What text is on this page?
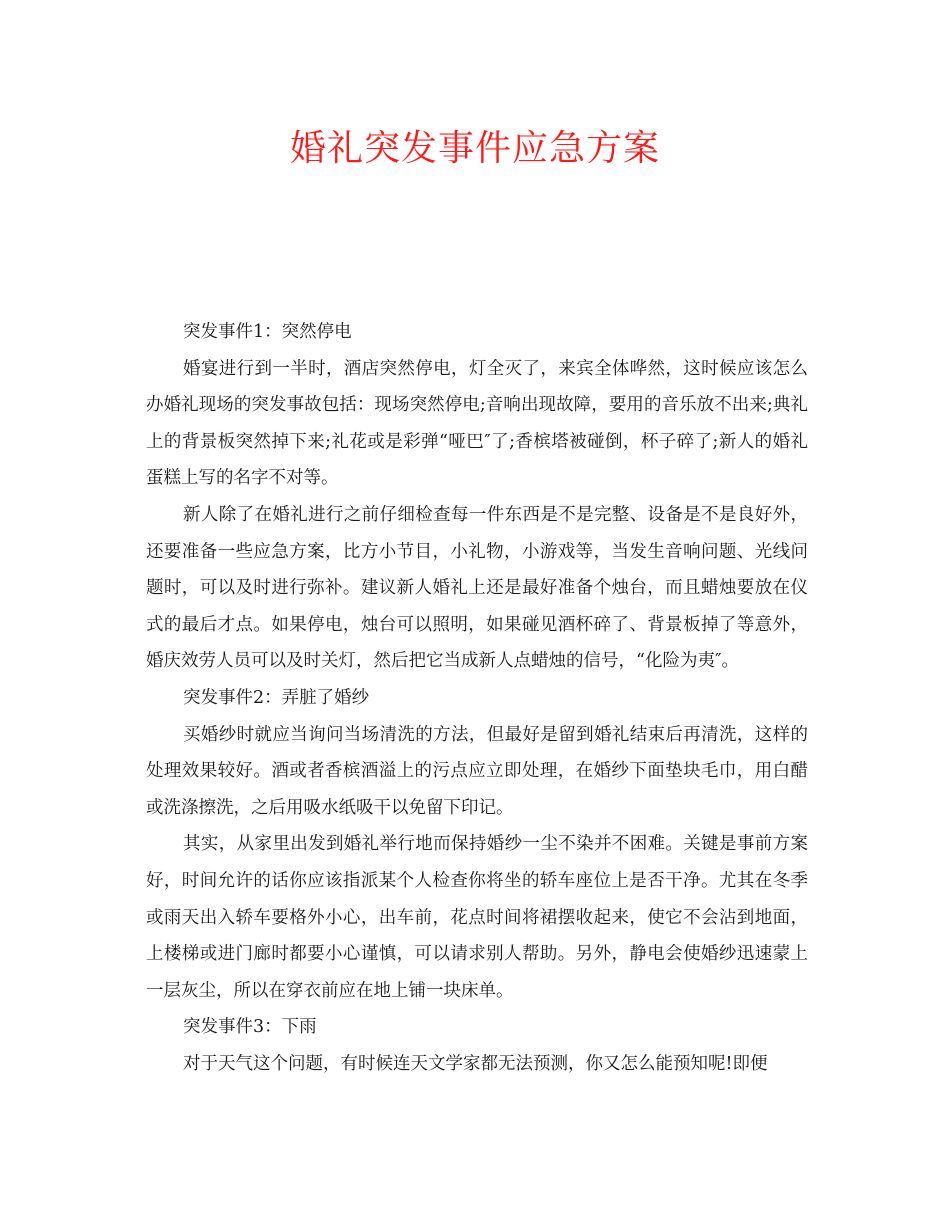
婚礼突发事件应急方案

突发事件1：突然停电

婚宴进行到一半时，酒店突然停电，灯全灭了，来宾全体哗然，这时候应该怎么办婚礼现场的突发事故包括：现场突然停电;音响出现故障，要用的音乐放不出来;典礼上的背景板突然掉下来;礼花或是彩弹“哑巴″了;香槟塔被碰倒，杯子碎了;新人的婚礼蛋糕上写的名字不对等。

新人除了在婚礼进行之前仔细检查每一件东西是不是完整、设备是不是良好外，还要准备一些应急方案，比方小节目，小礼物，小游戏等，当发生音响问题、光线问题时，可以及时进行弥补。建议新人婚礼上还是最好准备个烛台，而且蜡烛要放在仪式的最后才点。如果停电，烛台可以照明，如果碰见酒杯碎了、背景板掉了等意外，婚庆效劳人员可以及时关灯，然后把它当成新人点蜡烛的信号，“化险为夷″。

突发事件2：弄脏了婚纱

买婚纱时就应当询问当场清洗的方法，但最好是留到婚礼结束后再清洗，这样的处理效果较好。酒或者香槟酒溢上的污点应立即处理，在婚纱下面垫块毛巾，用白醋或洗涤擦洗，之后用吸水纸吸干以免留下印记。

其实，从家里出发到婚礼举行地而保持婚纱一尘不染并不困难。关键是事前方案好，时间允许的话你应该指派某个人检查你将坐的轿车座位上是否干净。尤其在冬季或雨天出入轿车要格外小心，出车前，花点时间将裙摆收起来，使它不会沾到地面，上楼梯或进门廊时都要小心谨慎，可以请求别人帮助。另外，静电会使婚纱迅速蒙上一层灰尘，所以在穿衣前应在地上铺一块床单。

突发事件3：下雨

对于天气这个问题，有时候连天文学家都无法预测，你又怎么能预知呢!即便
